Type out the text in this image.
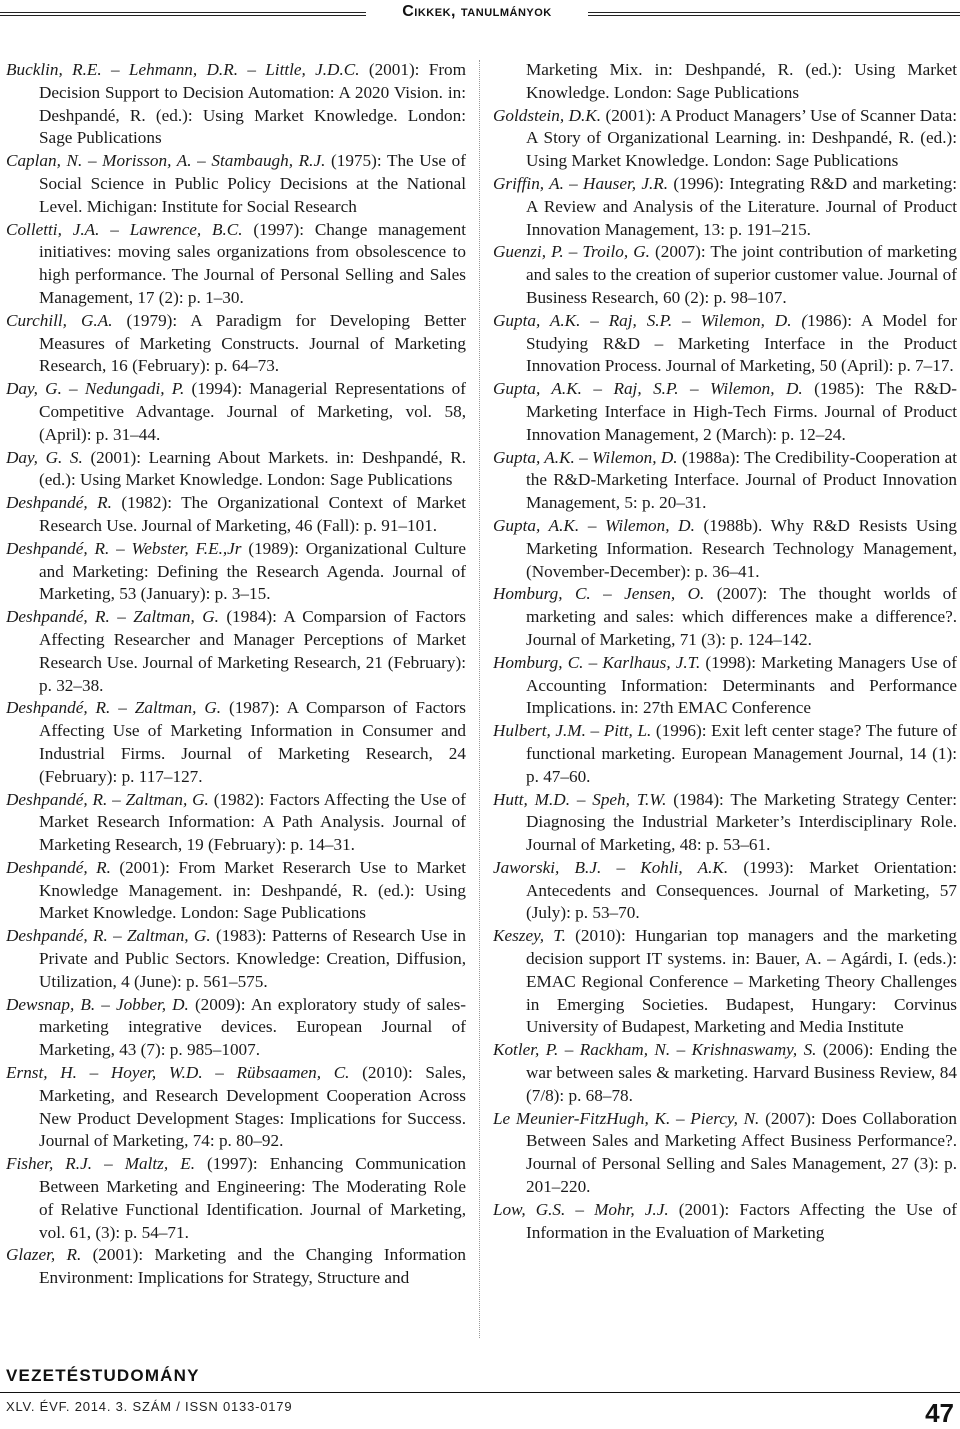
Cikkek, tanulmányok

Bucklin, R.E. – Lehmann, D.R. – Little, J.D.C. (2001): From Decision Support to Decision Automation: A 2020 Vision. in: Deshpandé, R. (ed.): Using Market Knowledge. London: Sage Publications

Caplan, N. – Morisson, A. – Stambaugh, R.J. (1975): The Use of Social Science in Public Policy Decisions at the National Level. Michigan: Institute for Social Research

Colletti, J.A. – Lawrence, B.C. (1997): Change management initiatives: moving sales organizations from obsolescence to high performance. The Journal of Personal Selling and Sales Management, 17 (2): p. 1–30.

Curchill, G.A. (1979): A Paradigm for Developing Better Measures of Marketing Constructs. Journal of Marketing Research, 16 (February): p. 64–73.

Day, G. – Nedungadi, P. (1994): Managerial Representations of Competitive Advantage. Journal of Marketing, vol. 58, (April): p. 31–44.

Day, G. S. (2001): Learning About Markets. in: Deshpandé, R. (ed.): Using Market Knowledge. London: Sage Publications

Deshpandé, R. (1982): The Organizational Context of Market Research Use. Journal of Marketing, 46 (Fall): p. 91–101.

Deshpandé, R. – Webster, F.E.,Jr (1989): Organizational Culture and Marketing: Defining the Research Agenda. Journal of Marketing, 53 (January): p. 3–15.

Deshpandé, R. – Zaltman, G. (1984): A Comparsion of Factors Affecting Researcher and Manager Perceptions of Market Research Use. Journal of Marketing Research, 21 (February): p. 32–38.

Deshpandé, R. – Zaltman, G. (1987): A Comparson of Factors Affecting Use of Marketing Information in Consumer and Industrial Firms. Journal of Marketing Research, 24 (February): p. 117–127.

Deshpandé, R. – Zaltman, G. (1982): Factors Affecting the Use of Market Research Information: A Path Analysis. Journal of Marketing Research, 19 (February): p. 14–31.

Deshpandé, R. (2001): From Market Reserarch Use to Market Knowledge Management. in: Deshpandé, R. (ed.): Using Market Knowledge. London: Sage Publications

Deshpandé, R. – Zaltman, G. (1983): Patterns of Research Use in Private and Public Sectors. Knowledge: Creation, Diffusion, Utilization, 4 (June): p. 561–575.

Dewsnap, B. – Jobber, D. (2009): An exploratory study of sales-marketing integrative devices. European Journal of Marketing, 43 (7): p. 985–1007.

Ernst, H. – Hoyer, W.D. – Rübsaamen, C. (2010): Sales, Marketing, and Research Development Cooperation Across New Product Development Stages: Implications for Success. Journal of Marketing, 74: p. 80–92.

Fisher, R.J. – Maltz, E. (1997): Enhancing Communication Between Marketing and Engineering: The Moderating Role of Relative Functional Identification. Journal of Marketing, vol. 61, (3): p. 54–71.

Glazer, R. (2001): Marketing and the Changing Information Environment: Implications for Strategy, Structure and

Marketing Mix. in: Deshpandé, R. (ed.): Using Market Knowledge. London: Sage Publications

Goldstein, D.K. (2001): A Product Managers’ Use of Scanner Data: A Story of Organizational Learning. in: Deshpandé, R. (ed.): Using Market Knowledge. London: Sage Publications

Griffin, A. – Hauser, J.R. (1996): Integrating R&D and marketing: A Review and Analysis of the Literature. Journal of Product Innovation Management, 13: p. 191–215.

Guenzi, P. – Troilo, G. (2007): The joint contribution of marketing and sales to the creation of superior customer value. Journal of Business Research, 60 (2): p. 98–107.

Gupta, A.K. – Raj, S.P. – Wilemon, D. (1986): A Model for Studying R&D – Marketing Interface in the Product Innovation Process. Journal of Marketing, 50 (April): p. 7–17.

Gupta, A.K. – Raj, S.P. – Wilemon, D. (1985): The R&D-Marketing Interface in High-Tech Firms. Journal of Product Innovation Management, 2 (March): p. 12–24.

Gupta, A.K. – Wilemon, D. (1988a): The Credibility-Cooperation at the R&D-Marketing Interface. Journal of Product Innovation Management, 5: p. 20–31.

Gupta, A.K. – Wilemon, D. (1988b). Why R&D Resists Using Marketing Information. Research Technology Management, (November-December): p. 36–41.

Homburg, C. – Jensen, O. (2007): The thought worlds of marketing and sales: which differences make a difference?. Journal of Marketing, 71 (3): p. 124–142.

Homburg, C. – Karlhaus, J.T. (1998): Marketing Managers Use of Accounting Information: Determinants and Performance Implications. in: 27th EMAC Conference

Hulbert, J.M. – Pitt, L. (1996): Exit left center stage? The future of functional marketing. European Management Journal, 14 (1): p. 47–60.

Hutt, M.D. – Speh, T.W. (1984): The Marketing Strategy Center: Diagnosing the Industrial Marketer’s Interdisciplinary Role. Journal of Marketing, 48: p. 53–61.

Jaworski, B.J. – Kohli, A.K. (1993): Market Orientation: Antecedents and Consequences. Journal of Marketing, 57 (July): p. 53–70.

Keszey, T. (2010): Hungarian top managers and the marketing decision support IT systems. in: Bauer, A. – Agárdi, I. (eds.): EMAC Regional Conference – Marketing Theory Challenges in Emerging Societies. Budapest, Hungary: Corvinus University of Budapest, Marketing and Media Institute

Kotler, P. – Rackham, N. – Krishnaswamy, S. (2006): Ending the war between sales & marketing. Harvard Business Review, 84 (7/8): p. 68–78.

Le Meunier-FitzHugh, K. – Piercy, N. (2007): Does Collaboration Between Sales and Marketing Affect Business Performance?. Journal of Personal Selling and Sales Management, 27 (3): p. 201–220.

Low, G.S. – Mohr, J.J. (2001): Factors Affecting the Use of Information in the Evaluation of Marketing

VEZETÉSTUDOMÁNY
XLV. ÉVF. 2014. 3. SZÁM / ISSN 0133-0179	47
